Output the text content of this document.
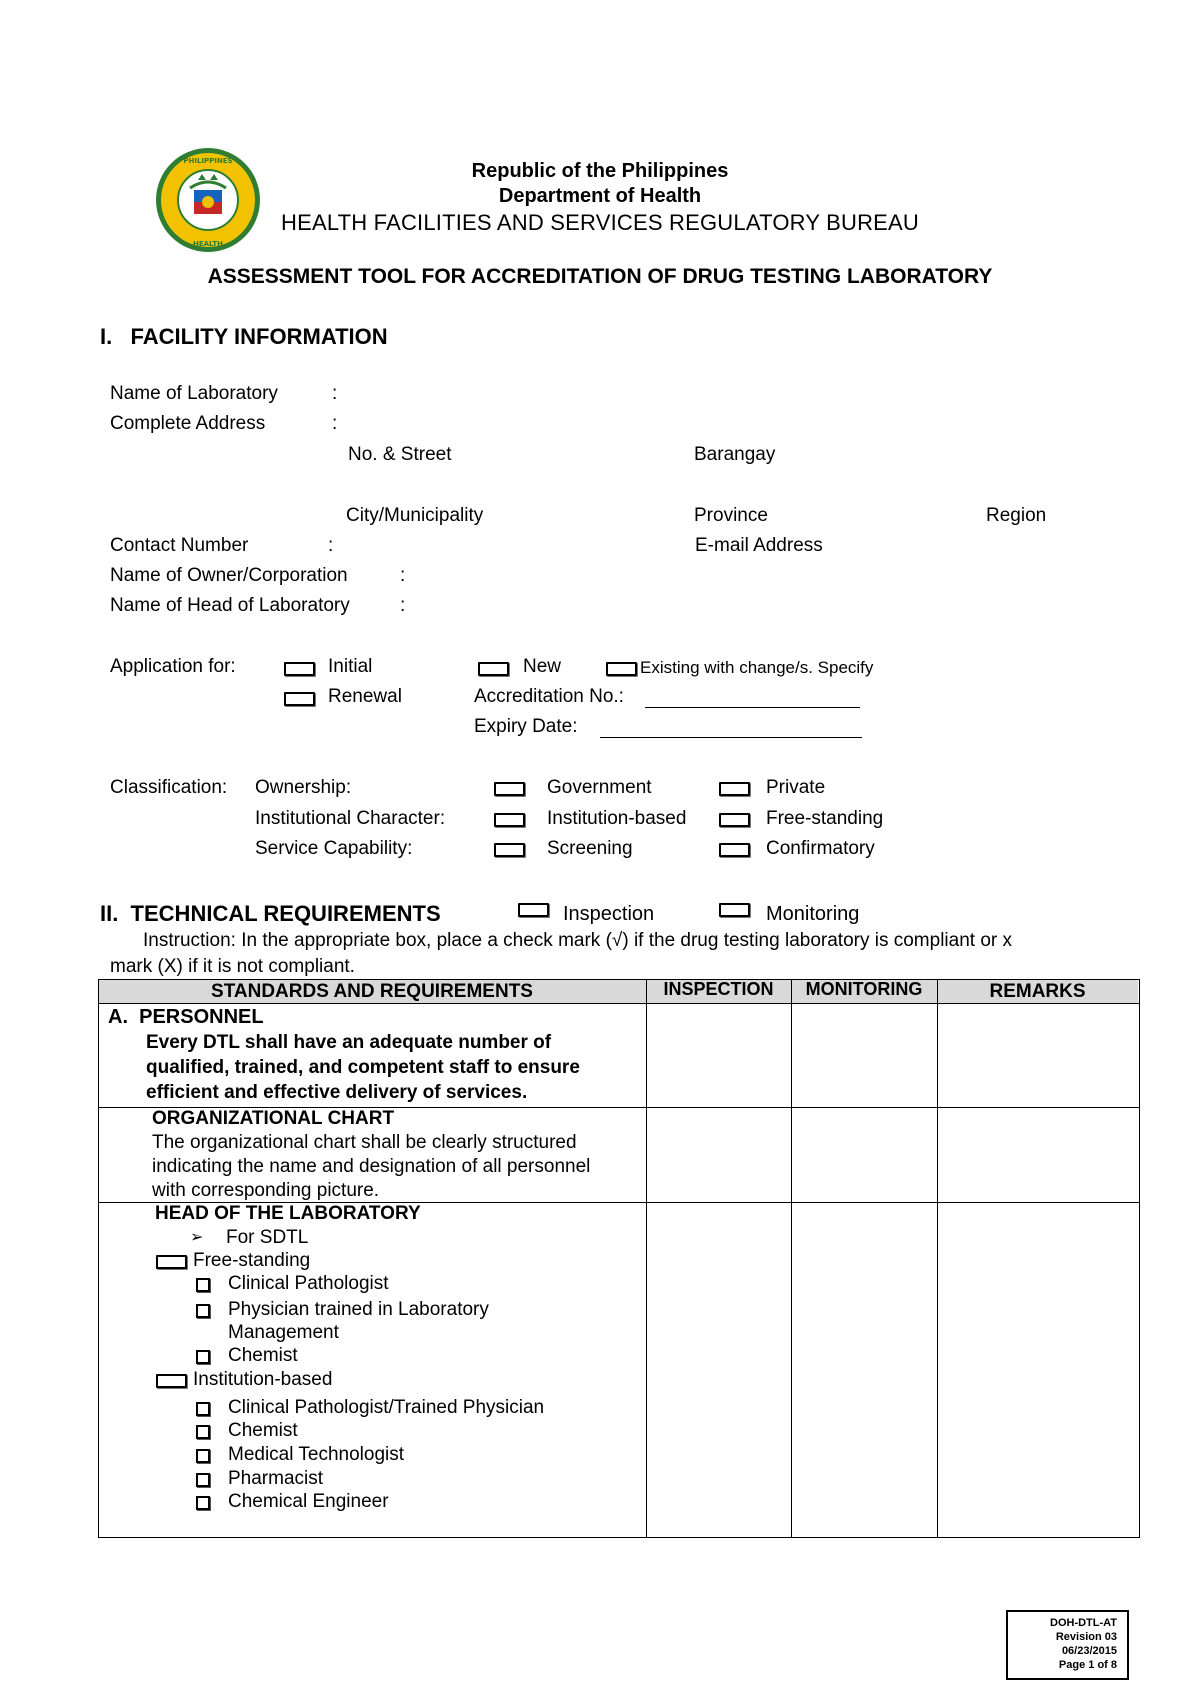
PHILIPPINES
HEALTH
Republic of the Philippines
Department of Health
HEALTH FACILITIES AND SERVICES REGULATORY BUREAU
ASSESSMENT TOOL FOR ACCREDITATION OF DRUG TESTING LABORATORY
I.   FACILITY INFORMATION
Name of Laboratory	:
Complete Address	:
No. & Street	Barangay
City/Municipality	Province	Region
Contact Number	:	E-mail Address
Name of Owner/Corporation	:
Name of Head of Laboratory	:
Application for:	Initial	New	Existing with change/s. Specify
Renewal	Accreditation No.:
Expiry Date:
Classification: Ownership:	Government	Private
Institutional Character:	Institution-based	Free-standing
Service Capability:	Screening	Confirmatory
II.  TECHNICAL REQUIREMENTS	Inspection	Monitoring
Instruction: In the appropriate box, place a check mark (√) if the drug testing laboratory is compliant or x
mark (X) if it is not compliant.
STANDARDS AND REQUIREMENTS	INSPECTION	MONITORING	REMARKS
A.  PERSONNEL
Every DTL shall have an adequate number of
qualified, trained, and competent staff to ensure
efficient and effective delivery of services.
ORGANIZATIONAL CHART
The organizational chart shall be clearly structured
indicating the name and designation of all personnel
with corresponding picture.
HEAD OF THE LABORATORY
➢ For SDTL
Free-standing
Clinical Pathologist
Physician trained in Laboratory
Management
Chemist
Institution-based
Clinical Pathologist/Trained Physician
Chemist
Medical Technologist
Pharmacist
Chemical Engineer
DOH-DTL-AT
Revision 03
06/23/2015
Page 1 of 8
